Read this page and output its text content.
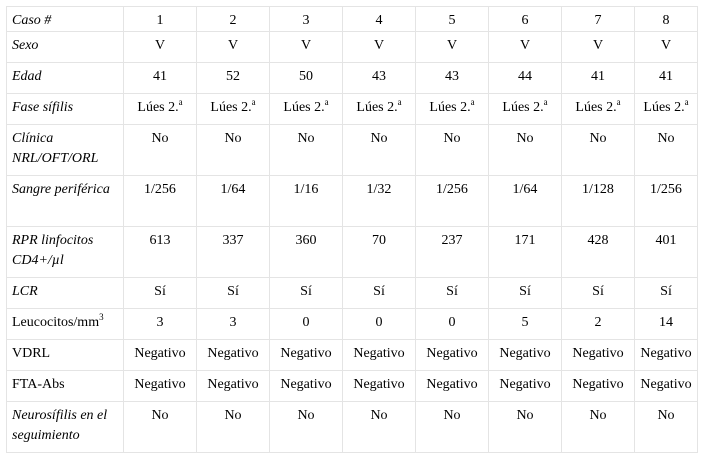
Caso #	1	2	3	4	5	6	7	8
Sexo	V	V	V	V	V	V	V	V
Edad	41	52	50	43	43	44	41	41
Fase sífilis	Lúes 2.$^a$	Lúes 2.$^a$	Lúes 2.$^a$	Lúes 2.$^a$	Lúes 2.$^a$	Lúes 2.$^a$	Lúes 2.$^a$	Lúes 2.$^a$
Clínica NRL/OFT/ORL	No	No	No	No	No	No	No	No
Sangre periférica	1/256	1/64	1/16	1/32	1/256	1/64	1/128	1/256
RPR linfocitos CD4+/µl	613	337	360	70	237	171	428	401
LCR	Sí	Sí	Sí	Sí	Sí	Sí	Sí	Sí
Leucocitos/$mm^3$	3	3	0	0	0	5	2	14
VDRL	Negativo	Negativo	Negativo	Negativo	Negativo	Negativo	Negativo	Negativo
FTA-Abs	Negativo	Negativo	Negativo	Negativo	Negativo	Negativo	Negativo	Negativo
Neurosífilis en el seguimiento	No	No	No	No	No	No	No	No
